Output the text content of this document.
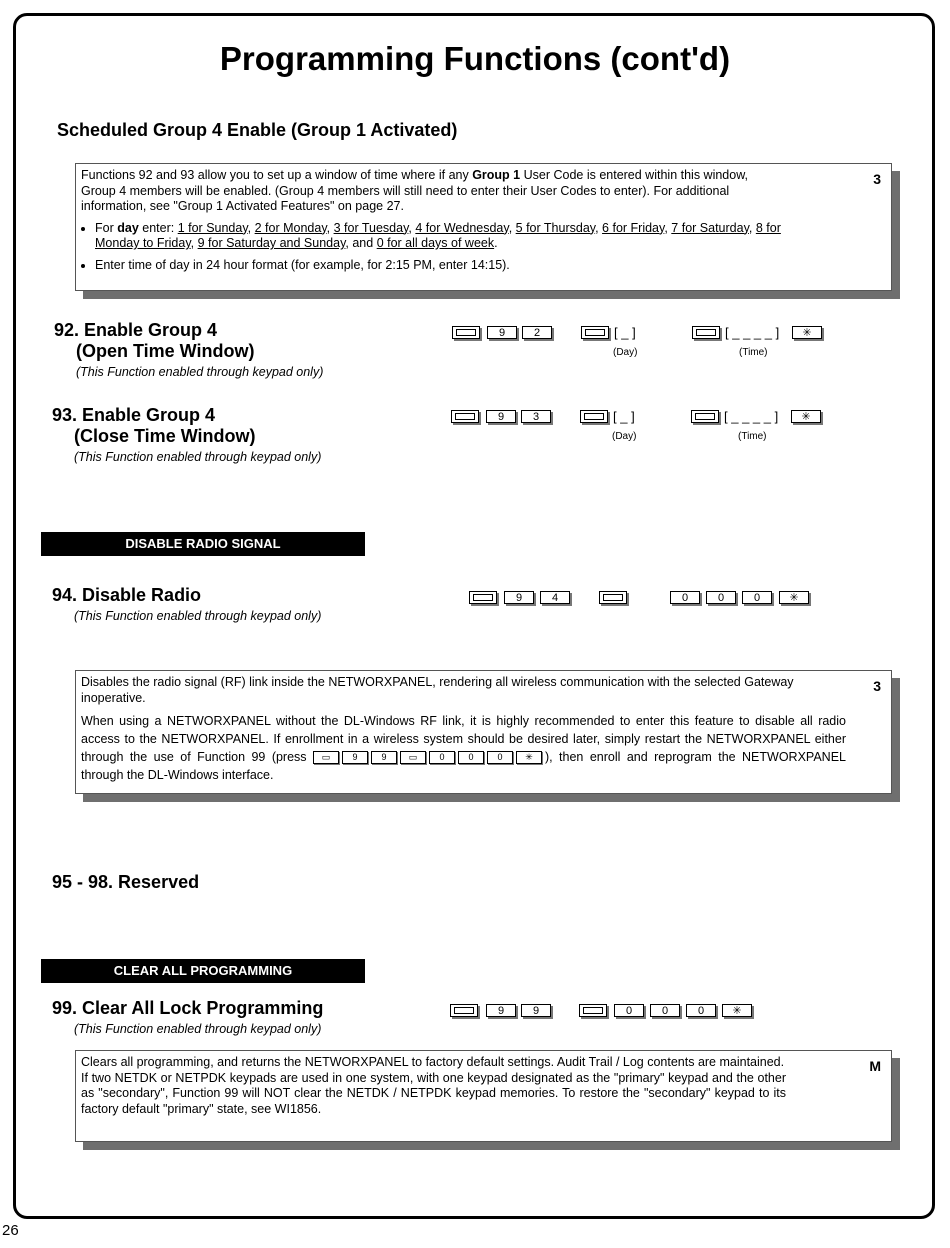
Programming Functions (cont'd)
Scheduled Group 4 Enable (Group 1 Activated)
3

Functions 92 and 93 allow you to set up a window of time where if any Group 1 User Code is entered within this window, Group 4 members will be enabled. (Group 4 members will still need to enter their User Codes to enter). For additional information, see "Group 1 Activated Features" on page 27.

• For day enter: 1 for Sunday, 2 for Monday, 3 for Tuesday, 4 for Wednesday, 5 for Thursday, 6 for Friday, 7 for Saturday, 8 for Monday to Friday, 9 for Saturday and Sunday, and 0 for all days of week.
• Enter time of day in 24 hour format (for example, for 2:15 PM, enter 14:15).
92. Enable Group 4
(Open Time Window)
(This Function enabled through keypad only)
9	2	[ _ ]
(Day)
[ _ _ _ _ ]
(Time)
✳
93. Enable Group 4
(Close Time Window)
(This Function enabled through keypad only)
9	3	[ _ ]
(Day)
[ _ _ _ _ ]
(Time)
✳
DISABLE RADIO SIGNAL
94. Disable Radio
(This Function enabled through keypad only)
9	4	0	0	0	✳
3

Disables the radio signal (RF) link inside the NETWORXPANEL, rendering all wireless communication with the selected Gateway inoperative.

When using a NETWORXPANEL without the DL-Windows RF link, it is highly recommended to enter this feature to disable all radio access to the NETWORXPANEL. If enrollment in a wireless system should be desired later, simply restart the NETWORXPANEL either through the use of Function 99 (press ▭ 9	9 ▭ 0	0	0	✳ ), then enroll and reprogram the NETWORXPANEL through the DL-Windows interface.

95 - 98. Reserved
CLEAR ALL PROGRAMMING
99. Clear All Lock Programming
(This Function enabled through keypad only)
9	9	0	0	0	✳
M

Clears all programming, and returns the NETWORXPANEL to factory default settings. Audit Trail / Log contents are maintained.

If two NETDK or NETPDK keypads are used in one system, with one keypad designated as the "primary" keypad and the other as "secondary", Function 99 will NOT clear the NETDK / NETPDK keypad memories. To restore the "secondary" keypad to its factory default "primary" state, see WI1856.

26
